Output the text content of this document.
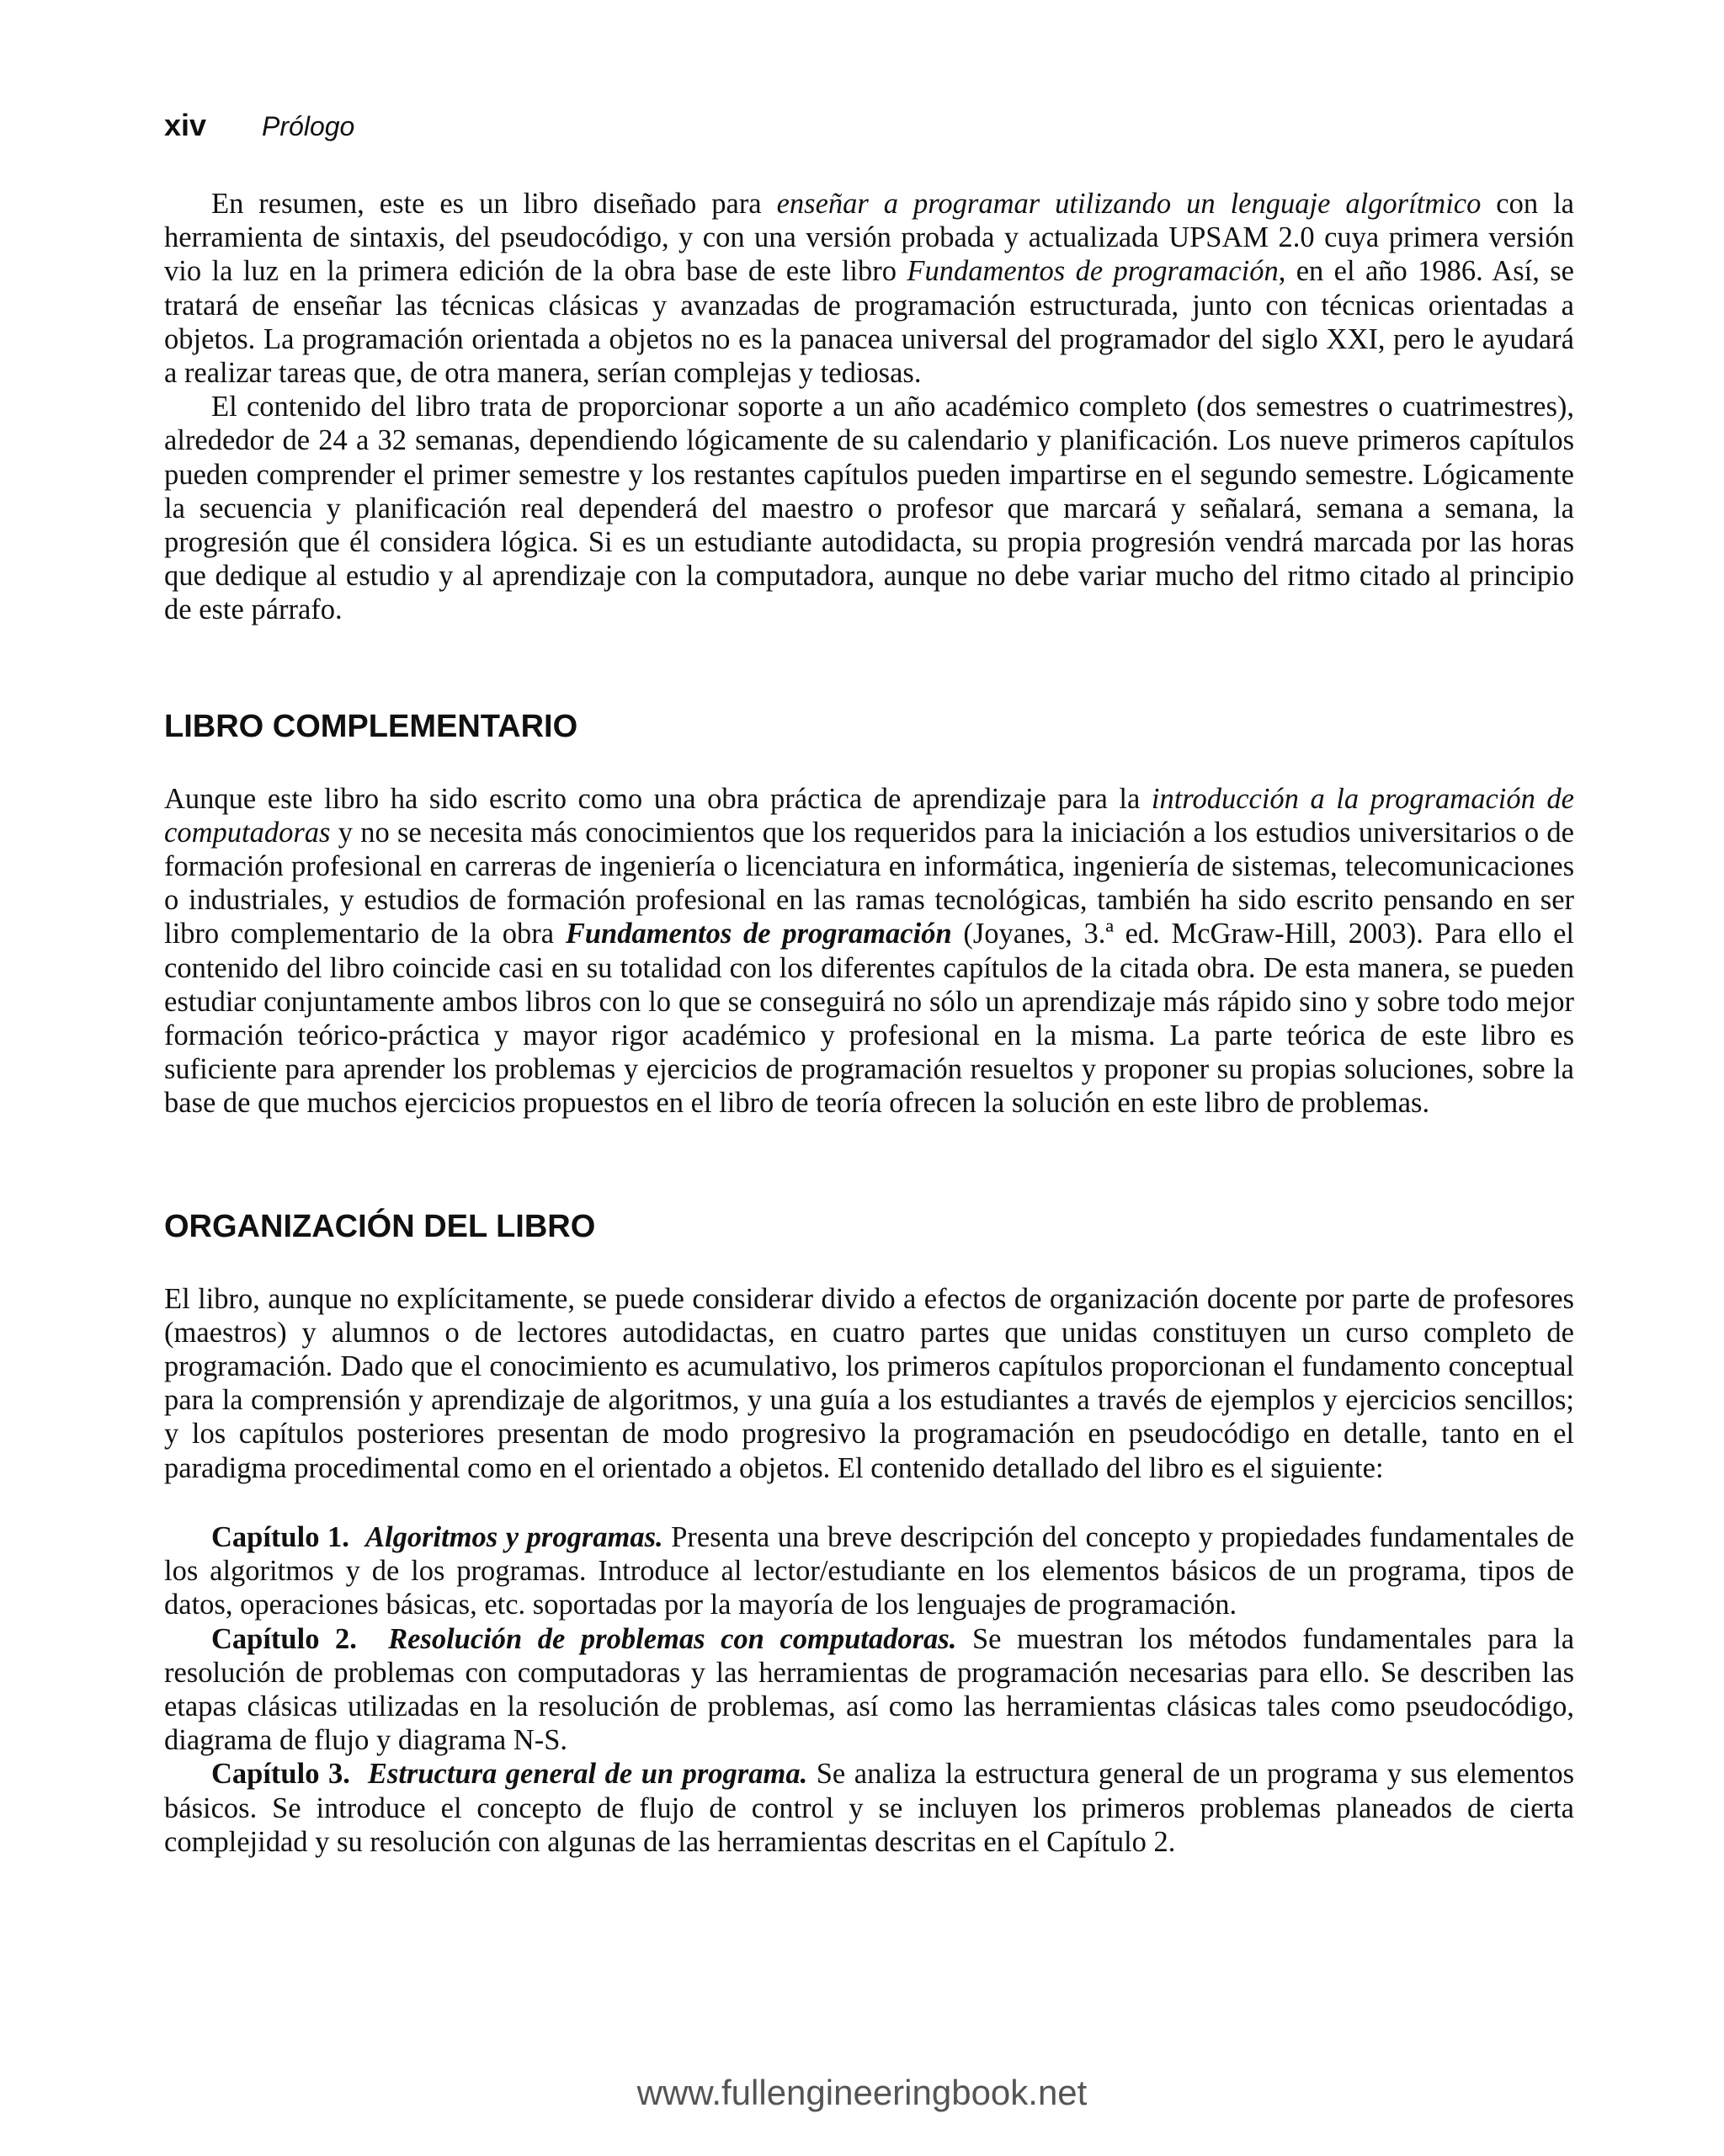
xiv Prólogo

En resumen, este es un libro diseñado para enseñar a programar utilizando un lenguaje algorítmico con la herramienta de sintaxis, del pseudocódigo, y con una versión probada y actualizada UPSAM 2.0 cuya primera versión vio la luz en la primera edición de la obra base de este libro Fundamentos de programación, en el año 1986. Así, se tratará de enseñar las técnicas clásicas y avanzadas de programación estructurada, junto con técnicas orientadas a objetos. La programación orientada a objetos no es la panacea universal del programador del siglo XXI, pero le ayudará a realizar tareas que, de otra manera, serían complejas y tediosas.

El contenido del libro trata de proporcionar soporte a un año académico completo (dos semestres o cuatrimestres), alrededor de 24 a 32 semanas, dependiendo lógicamente de su calendario y planificación. Los nueve primeros capítulos pueden comprender el primer semestre y los restantes capítulos pueden impartirse en el segundo semestre. Lógicamente la secuencia y planificación real dependerá del maestro o profesor que marcará y señalará, semana a semana, la progresión que él considera lógica. Si es un estudiante autodidacta, su propia progresión vendrá marcada por las horas que dedique al estudio y al aprendizaje con la computadora, aunque no debe variar mucho del ritmo citado al principio de este párrafo.

LIBRO COMPLEMENTARIO

Aunque este libro ha sido escrito como una obra práctica de aprendizaje para la introducción a la programación de computadoras y no se necesita más conocimientos que los requeridos para la iniciación a los estudios universitarios o de formación profesional en carreras de ingeniería o licenciatura en informática, ingeniería de sistemas, telecomunicaciones o industriales, y estudios de formación profesional en las ramas tecnológicas, también ha sido escrito pensando en ser libro complementario de la obra Fundamentos de programación (Joyanes, 3.ª ed. McGraw-Hill, 2003). Para ello el contenido del libro coincide casi en su totalidad con los diferentes capítulos de la citada obra. De esta manera, se pueden estudiar conjuntamente ambos libros con lo que se conseguirá no sólo un aprendizaje más rápido sino y sobre todo mejor formación teórico-práctica y mayor rigor académico y profesional en la misma. La parte teórica de este libro es suficiente para aprender los problemas y ejercicios de programación resueltos y proponer su propias soluciones, sobre la base de que muchos ejercicios propuestos en el libro de teoría ofrecen la solución en este libro de problemas.

ORGANIZACIÓN DEL LIBRO

El libro, aunque no explícitamente, se puede considerar divido a efectos de organización docente por parte de profesores (maestros) y alumnos o de lectores autodidactas, en cuatro partes que unidas constituyen un curso completo de programación. Dado que el conocimiento es acumulativo, los primeros capítulos proporcionan el fundamento conceptual para la comprensión y aprendizaje de algoritmos, y una guía a los estudiantes a través de ejemplos y ejercicios sencillos; y los capítulos posteriores presentan de modo progresivo la programación en pseudocódigo en detalle, tanto en el paradigma procedimental como en el orientado a objetos. El contenido detallado del libro es el siguiente:

Capítulo 1. Algoritmos y programas. Presenta una breve descripción del concepto y propiedades fundamentales de los algoritmos y de los programas. Introduce al lector/estudiante en los elementos básicos de un programa, tipos de datos, operaciones básicas, etc. soportadas por la mayoría de los lenguajes de programación.

Capítulo 2. Resolución de problemas con computadoras. Se muestran los métodos fundamentales para la resolución de problemas con computadoras y las herramientas de programación necesarias para ello. Se describen las etapas clásicas utilizadas en la resolución de problemas, así como las herramientas clásicas tales como pseudocódigo, diagrama de flujo y diagrama N-S.

Capítulo 3. Estructura general de un programa. Se analiza la estructura general de un programa y sus elementos básicos. Se introduce el concepto de flujo de control y se incluyen los primeros problemas planeados de cierta complejidad y su resolución con algunas de las herramientas descritas en el Capítulo 2.

www.fullengineeringbook.net
